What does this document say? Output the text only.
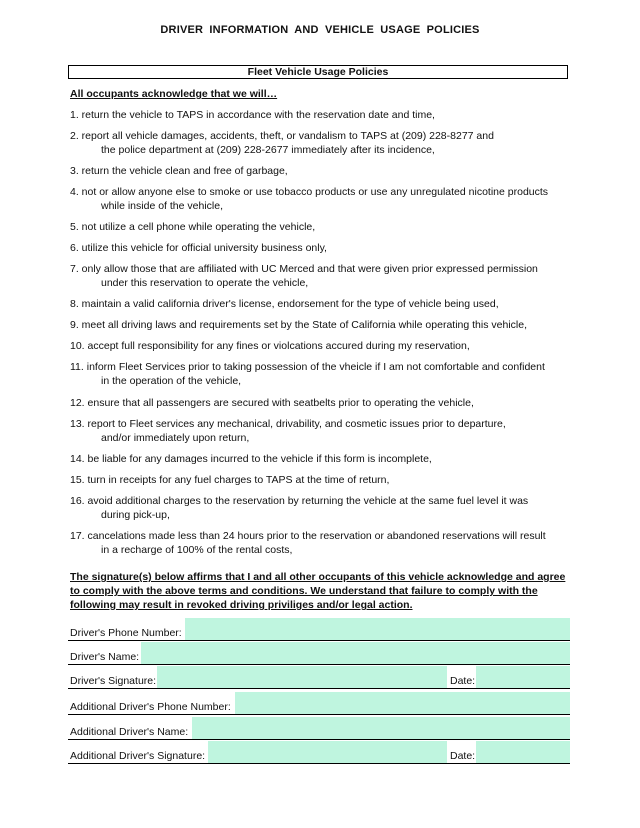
DRIVER INFORMATION AND VEHICLE USAGE POLICIES
Fleet Vehicle Usage Policies
All occupants acknowledge that we will…
1. return the vehicle to TAPS in accordance with the reservation date and time,
2. report all vehicle damages, accidents, theft, or vandalism to TAPS at (209) 228-8277 and
the police department at (209) 228-2677 immediately after its incidence,
3. return the vehicle clean and free of garbage,
4. not or allow anyone else to smoke or use tobacco products or use any unregulated nicotine products
while inside of the vehicle,
5. not utilize a cell phone while operating the vehicle,
6. utilize this vehicle for official university business only,
7. only allow those that are affiliated with UC Merced and that were given prior expressed permission
under this reservation to operate the vehicle,
8. maintain a valid california driver's license, endorsement for the type of vehicle being used,
9. meet all driving laws and requirements set by the State of California while operating this vehicle,
10. accept full responsibility for any fines or violcations accured during my reservation,
11. inform Fleet Services prior to taking possession of the vheicle if I am not comfortable and confident
in the operation of the vehicle,
12. ensure that all passengers are secured with seatbelts prior to operating the vehicle,
13. report to Fleet services any mechanical, drivability, and cosmetic issues prior to departure,
and/or immediately upon return,
14. be liable for any damages incurred to the vehicle if this form is incomplete,
15. turn in receipts for any fuel charges to TAPS at the time of return,
16. avoid additional charges to the reservation by returning the vehicle at the same fuel level it was
during pick-up,
17. cancelations made less than 24 hours prior to the reservation or abandoned reservations will result
in a recharge of 100% of the rental costs,
The signature(s) below affirms that I and all other occupants of this vehicle acknowledge and agree to comply with the above terms and conditions. We understand that failure to comply with the following may result in revoked driving priviliges and/or legal action.
Driver's Phone Number:
Driver's Name:
Driver's Signature:	Date:
Additional Driver's Phone Number:
Additional Driver's Name:
Additional Driver's Signature:	Date:
